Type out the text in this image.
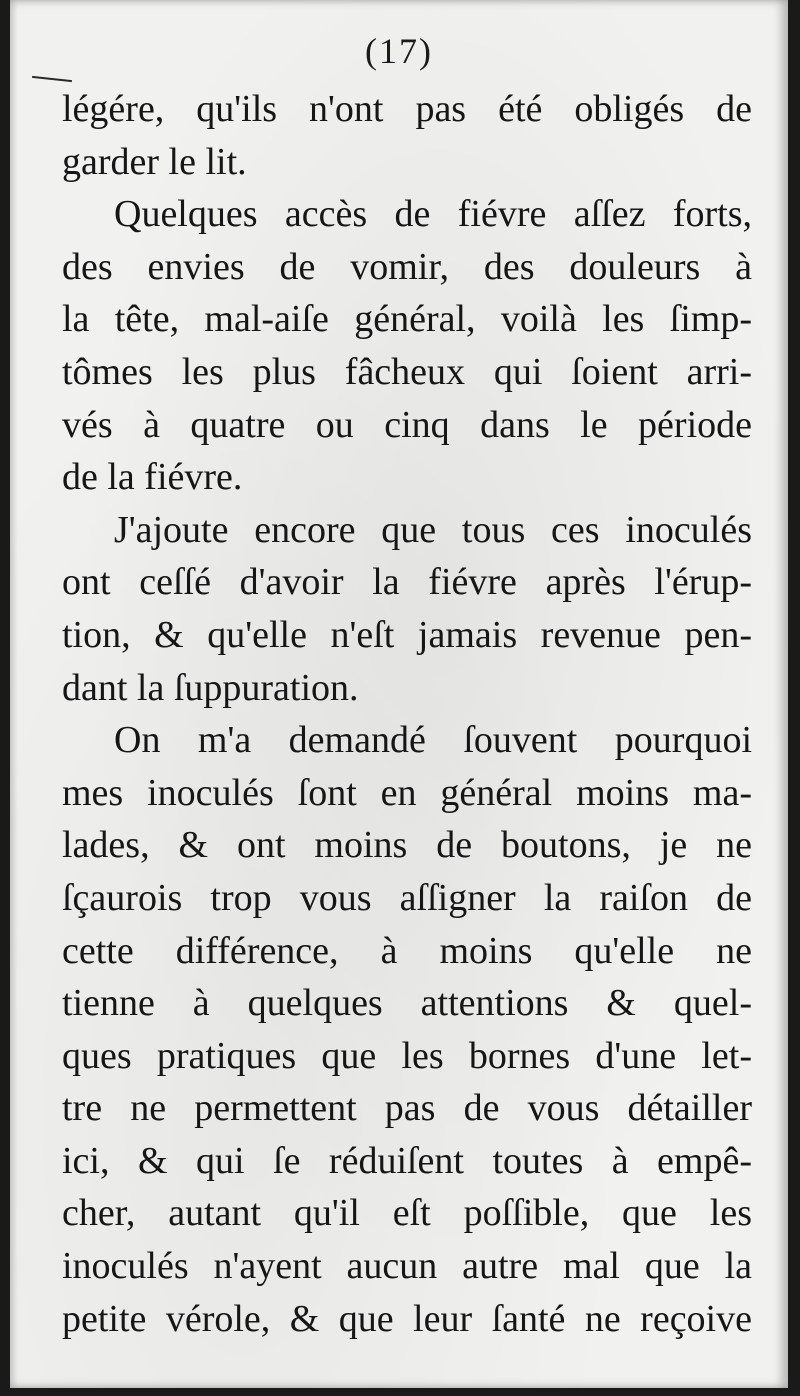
(17)
légére, qu'ils n'ont pas été obligés de
garder le lit.
Quelques accès de fiévre aſſez forts,
des envies de vomir, des douleurs à
la tête, mal-aiſe général, voilà les ſimp-
tômes les plus fâcheux qui ſoient arri-
vés à quatre ou cinq dans le période
de la fiévre.
J'ajoute encore que tous ces inoculés
ont ceſſé d'avoir la fiévre après l'érup-
tion, & qu'elle n'eſt jamais revenue pen-
dant la ſuppuration.
On m'a demandé ſouvent pourquoi
mes inoculés ſont en général moins ma-
lades, & ont moins de boutons, je ne
ſçaurois trop vous aſſigner la raiſon de
cette différence, à moins qu'elle ne
tienne à quelques attentions & quel-
ques pratiques que les bornes d'une let-
tre ne permettent pas de vous détailler
ici, & qui ſe réduiſent toutes à empê-
cher, autant qu'il eſt poſſible, que les
inoculés n'ayent aucun autre mal que la
petite vérole, & que leur ſanté ne reçoive
